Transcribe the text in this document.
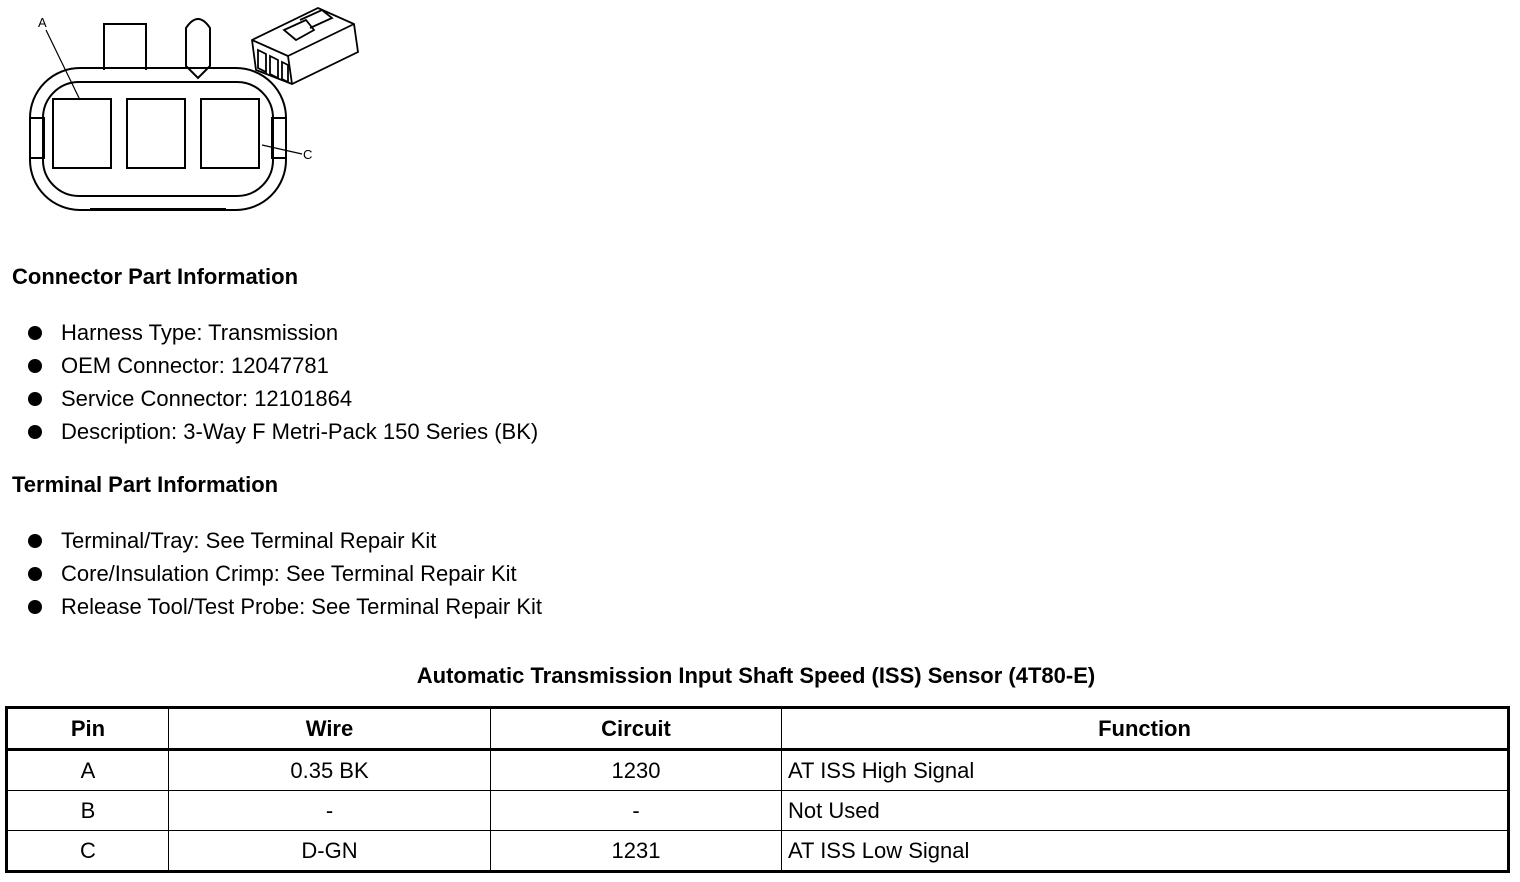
A
C
Connector Part Information
Harness Type: Transmission
OEM Connector: 12047781
Service Connector: 12101864
Description: 3-Way F Metri-Pack 150 Series (BK)
Terminal Part Information
Terminal/Tray: See Terminal Repair Kit
Core/Insulation Crimp: See Terminal Repair Kit
Release Tool/Test Probe: See Terminal Repair Kit
Automatic Transmission Input Shaft Speed (ISS) Sensor (4T80-E)
Pin	Wire	Circuit	Function
A	0.35 BK	1230	AT ISS High Signal
B	-	-	Not Used
C	D-GN	1231	AT ISS Low Signal
